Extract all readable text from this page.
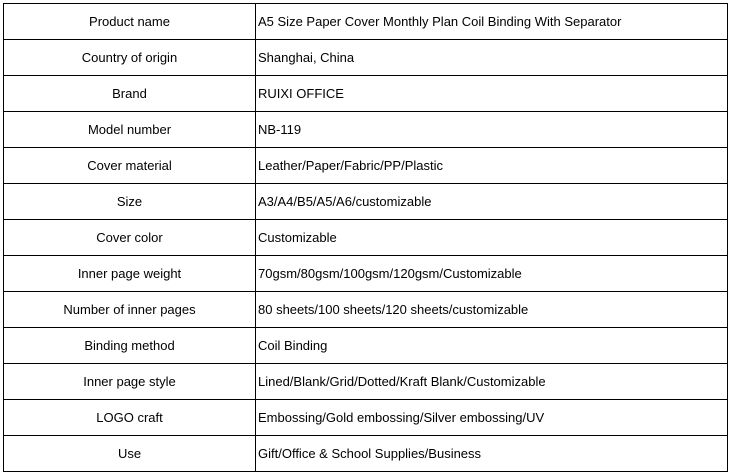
Product name	A5 Size Paper Cover Monthly Plan Coil Binding With Separator
Country of origin	Shanghai, China
Brand	RUIXI OFFICE
Model number	NB-119
Cover material	Leather/Paper/Fabric/PP/Plastic
Size	A3/A4/B5/A5/A6/customizable
Cover color	Customizable
Inner page weight	70gsm/80gsm/100gsm/120gsm/Customizable
Number of inner pages	80 sheets/100 sheets/120 sheets/customizable
Binding method	Coil Binding
Inner page style	Lined/Blank/Grid/Dotted/Kraft Blank/Customizable
LOGO craft	Embossing/Gold embossing/Silver embossing/UV
Use	Gift/Office & School Supplies/Business
